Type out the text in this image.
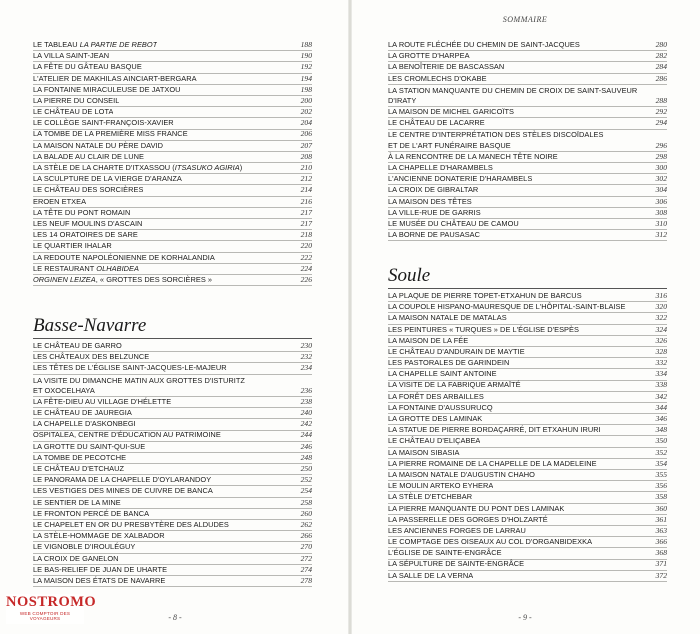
LE TABLEAU LA PARTIE DE REBOT	188
LA VILLA SAINT-JEAN	190
LA FÊTE DU GÂTEAU BASQUE	192
L'ATELIER DE MAKHILAS AINCIART-BERGARA	194
LA FONTAINE MIRACULEUSE DE JATXOU	198
LA PIERRE DU CONSEIL	200
LE CHÂTEAU DE LOTA	202
LE COLLÈGE SAINT-FRANÇOIS-XAVIER	204
LA TOMBE DE LA PREMIÈRE MISS FRANCE	206
LA MAISON NATALE DU PÈRE DAVID	207
LA BALADE AU CLAIR DE LUNE	208
LA STÈLE DE LA CHARTE D'ITXASSOU (ITSASUKO AGIRIA)	210
LA SCULPTURE DE LA VIERGE D'ARANZA	212
LE CHÂTEAU DES SORCIÈRES	214
EROEN ETXEA	216
LA TÊTE DU PONT ROMAIN	217
LES NEUF MOULINS D'ASCAIN	217
LES 14 ORATOIRES DE SARE	218
LE QUARTIER IHALAR	220
LA REDOUTE NAPOLÉONIENNE DE KORHALANDIA	222
LE RESTAURANT OLHABIDEA	224
ORGINEN LEIZEA, « GROTTES DES SORCIÈRES »	226
Basse-Navarre
LE CHÂTEAU DE GARRO	230
LES CHÂTEAUX DES BELZUNCE	232
LES TÊTES DE L'ÉGLISE SAINT-JACQUES-LE-MAJEUR	234
LA VISITE DU DIMANCHE MATIN AUX GROTTES D'ISTURITZ
ET OXOCELHAYA	236
LA FÊTE-DIEU AU VILLAGE D'HÉLETTE	238
LE CHÂTEAU DE JAUREGIA	240
LA CHAPELLE D'ASKONBEGI	242
OSPITALEA, CENTRE D'ÉDUCATION AU PATRIMOINE	244
LA GROTTE DU SAINT-QUI-SUE	246
LA TOMBE DE PECOTCHE	248
LE CHÂTEAU D'ETCHAUZ	250
LE PANORAMA DE LA CHAPELLE D'OYLARANDOY	252
LES VESTIGES DES MINES DE CUIVRE DE BANCA	254
LE SENTIER DE LA MINE	258
LE FRONTON PERCÉ DE BANCA	260
LE CHAPELET EN OR DU PRESBYTÈRE DES ALDUDES	262
LA STÈLE-HOMMAGE DE XALBADOR	266
LE VIGNOBLE D'IROULÉGUY	270
LA CROIX DE GANELON	272
LE BAS-RELIEF DE JUAN DE UHARTE	274
LA MAISON DES ÉTATS DE NAVARRE	278
- 8 -
SOMMAIRE
LA ROUTE FLÉCHÉE DU CHEMIN DE SAINT-JACQUES	280
LA GROTTE D'HARPEA	282
LA BENOÎTERIE DE BASCASSAN	284
LES CROMLECHS D'OKABE	286
LA STATION MANQUANTE DU CHEMIN DE CROIX DE SAINT-SAUVEUR
D'IRATY	288
LA MAISON DE MICHEL GARICOÏTS	292
LE CHÂTEAU DE LACARRE	294
LE CENTRE D'INTERPRÉTATION DES STÈLES DISCOÏDALES
ET DE L'ART FUNÉRAIRE BASQUE	296
À LA RENCONTRE DE LA MANECH TÊTE NOIRE	298
LA CHAPELLE D'HARAMBELS	300
L'ANCIENNE DONATERIE D'HARAMBELS	302
LA CROIX DE GIBRALTAR	304
LA MAISON DES TÊTES	306
LA VILLE-RUE DE GARRIS	308
LE MUSÉE DU CHÂTEAU DE CAMOU	310
LA BORNE DE PAUSASAC	312
Soule
LA PLAQUE DE PIERRE TOPET-ETXAHUN DE BARCUS	316
LA COUPOLE HISPANO-MAURESQUE DE L'HÔPITAL-SAINT-BLAISE	320
LA MAISON NATALE DE MATALAS	322
LES PEINTURES « TURQUES » DE L'ÉGLISE D'ESPÈS	324
LA MAISON DE LA FÉE	326
LE CHÂTEAU D'ANDURAIN DE MAYTIE	328
LES PASTORALES DE GARINDEIN	332
LA CHAPELLE SAINT ANTOINE	334
LA VISITE DE LA FABRIQUE ARMAÏTÉ	338
LA FORÊT DES ARBAILLES	342
LA FONTAINE D'AUSSURUCQ	344
LA GROTTE DES LAMINAK	346
LA STATUE DE PIERRE BORDAÇARRÉ, DIT ETXAHUN IRURI	348
LE CHÂTEAU D'ELIÇABEA	350
LA MAISON SIBASIA	352
LA PIERRE ROMAINE DE LA CHAPELLE DE LA MADELEINE	354
LA MAISON NATALE D'AUGUSTIN CHAHO	355
LE MOULIN ARTEKO EYHERA	356
LA STÈLE D'ETCHEBAR	358
LA PIERRE MANQUANTE DU PONT DES LAMINAK	360
LA PASSERELLE DES GORGES D'HOLZARTÉ	361
LES ANCIENNES FORGES DE LARRAU	363
LE COMPTAGE DES OISEAUX AU COL D'ORGANBIDEXKA	366
L'ÉGLISE DE SAINTE-ENGRÂCE	368
LA SÉPULTURE DE SAINTE-ENGRÂCE	371
LA SALLE DE LA VERNA	372
- 9 -
NOSTROMO
WEB COMPTOIR DES VOYAGEURS
